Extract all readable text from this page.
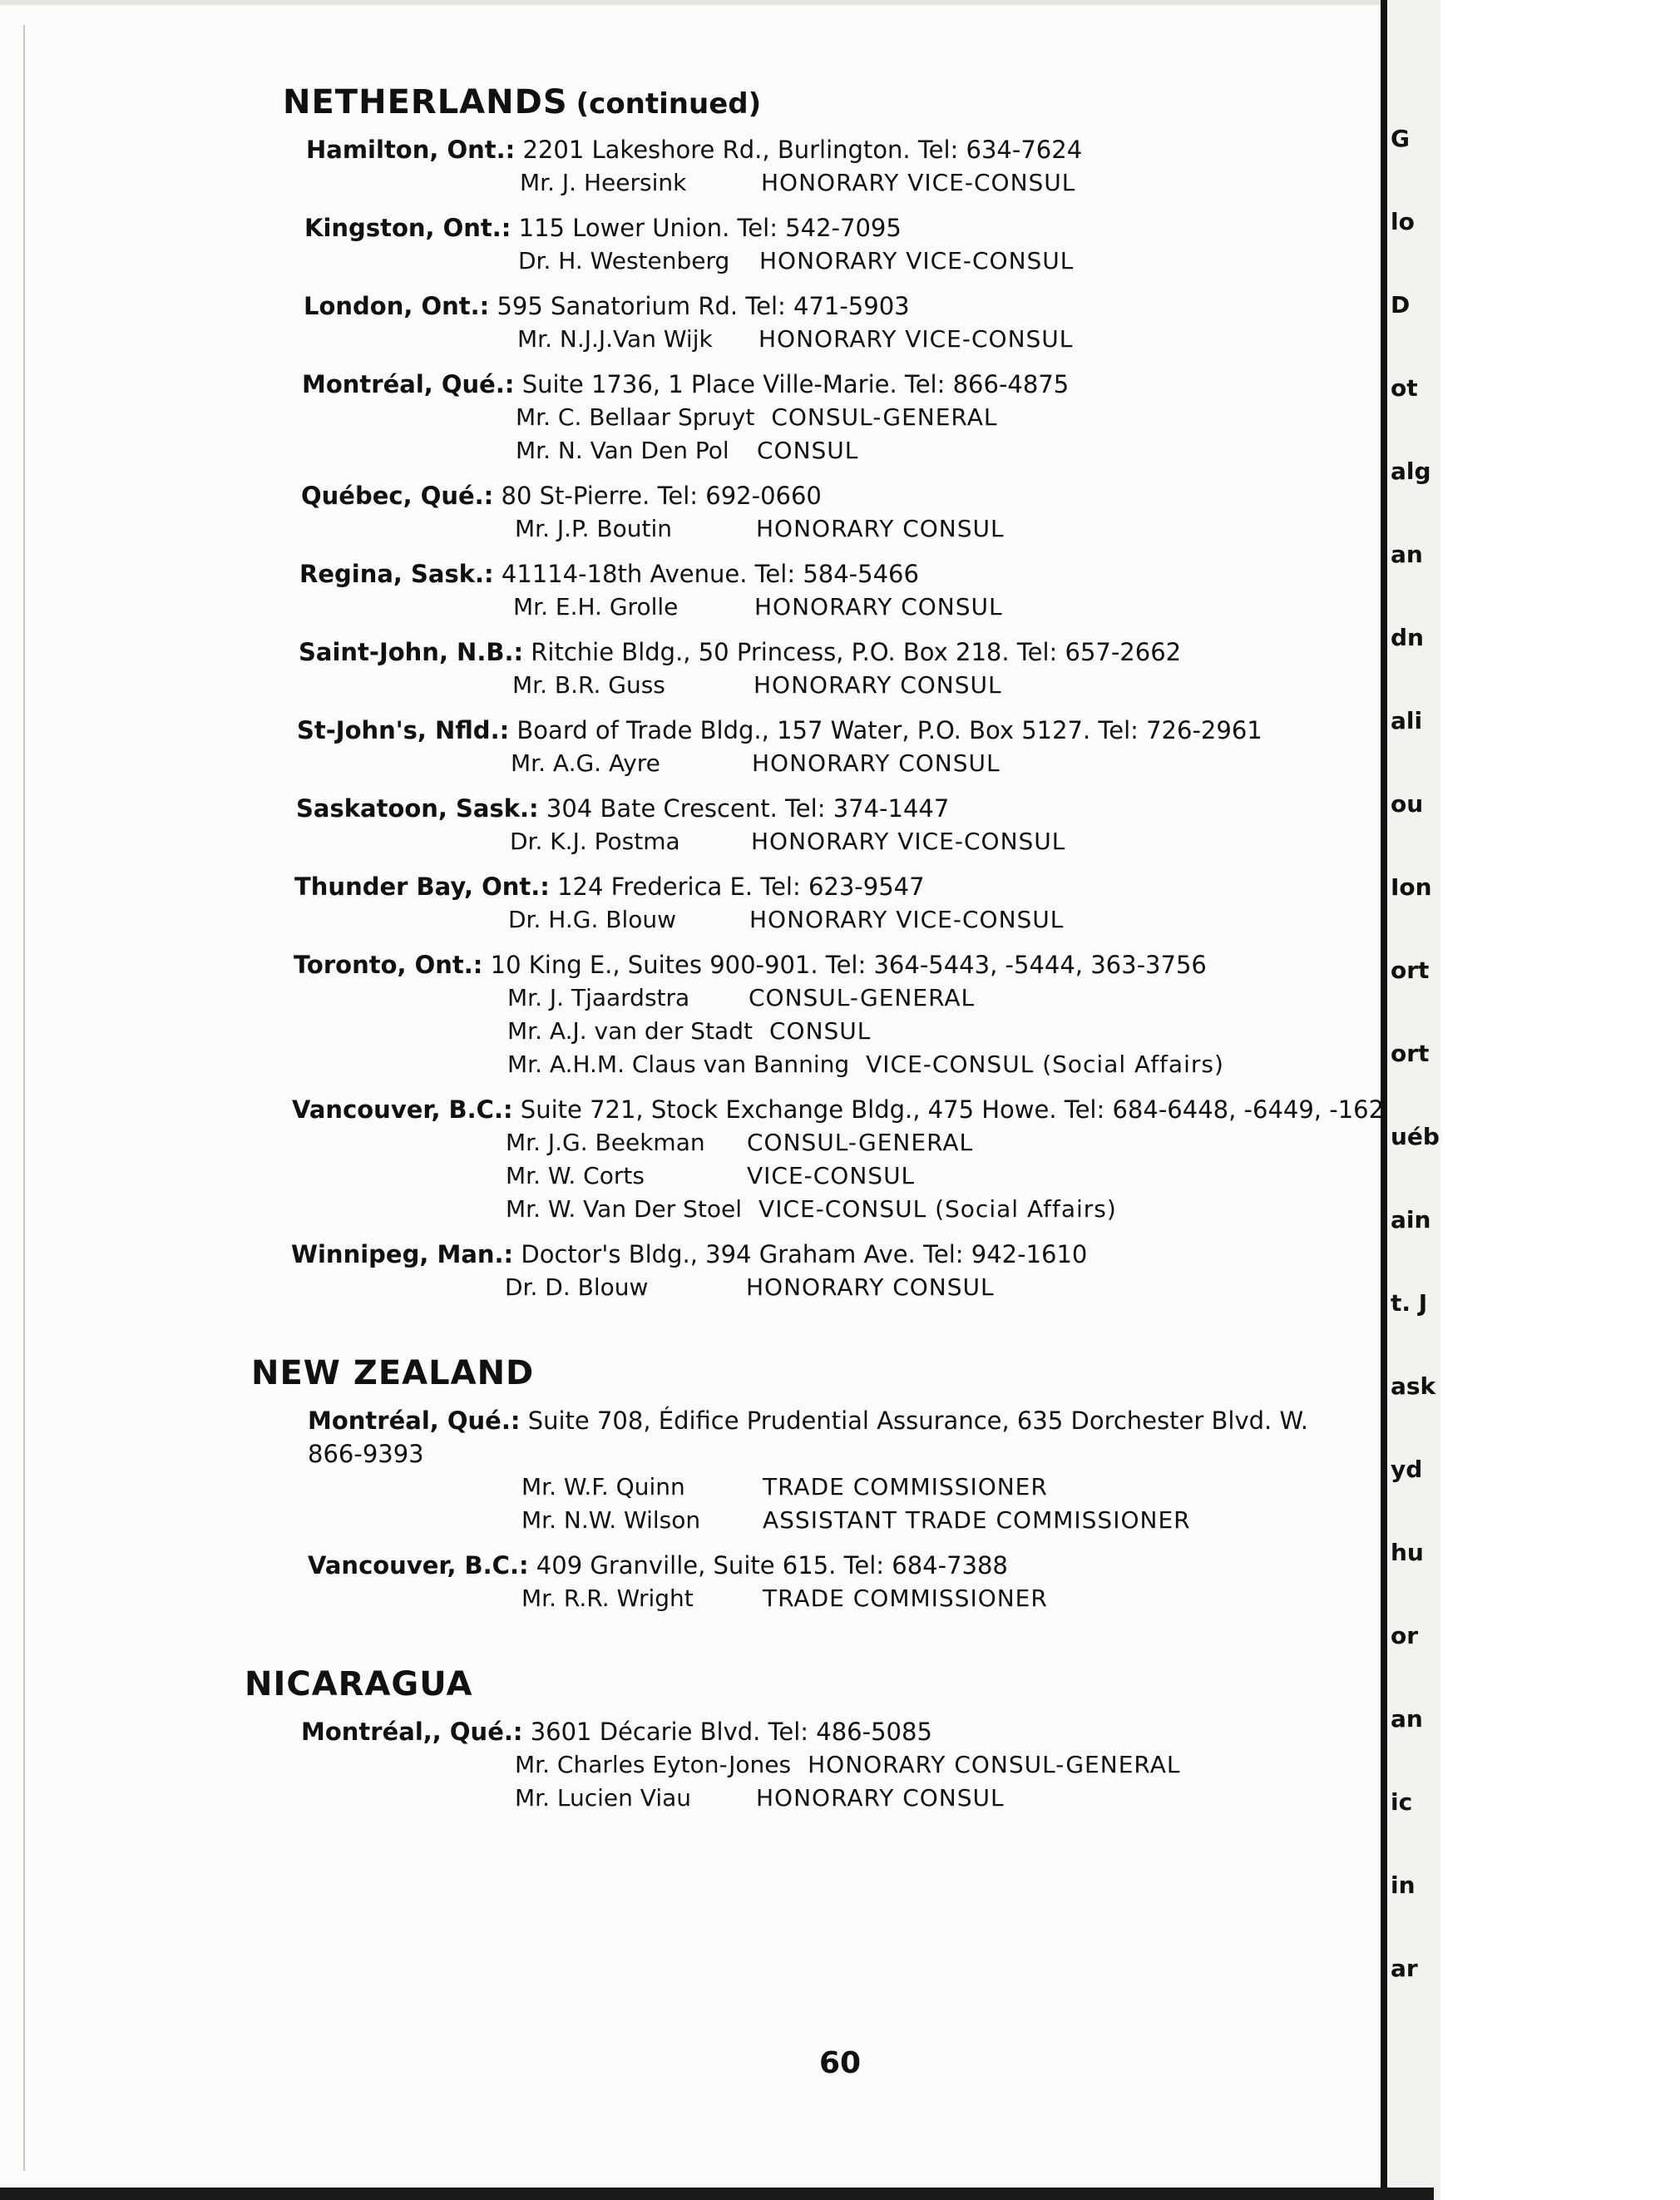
G
lo
D
ot
alg
an
dn
ali
ou
Ion
ort
ort
uéb
ain
t. J
ask
yd
hu
or
an
ic
in
ar
NETHERLANDS (continued)
Hamilton, Ont.: 2201 Lakeshore Rd., Burlington. Tel: 634-7624
Mr. J. Heersink	HONORARY VICE-CONSUL
Kingston, Ont.: 115 Lower Union. Tel: 542-7095
Dr. H. Westenberg HONORARY VICE-CONSUL
London, Ont.: 595 Sanatorium Rd. Tel: 471-5903
Mr. N.J.J.Van Wijk HONORARY VICE-CONSUL
Montréal, Qué.: Suite 1736, 1 Place Ville-Marie. Tel: 866-4875
Mr. C. Bellaar Spruyt CONSUL-GENERAL
Mr. N. Van Den Pol CONSUL
Québec, Qué.: 80 St-Pierre. Tel: 692-0660
Mr. J.P. Boutin	HONORARY CONSUL
Regina, Sask.: 41114-18th Avenue. Tel: 584-5466
Mr. E.H. Grolle	HONORARY CONSUL
Saint-John, N.B.: Ritchie Bldg., 50 Princess, P.O. Box 218. Tel: 657-2662
Mr. B.R. Guss	HONORARY CONSUL
St-John's, Nfld.: Board of Trade Bldg., 157 Water, P.O. Box 5127. Tel: 726-2961
Mr. A.G. Ayre	HONORARY CONSUL
Saskatoon, Sask.: 304 Bate Crescent. Tel: 374-1447
Dr. K.J. Postma	HONORARY VICE-CONSUL
Thunder Bay, Ont.: 124 Frederica E. Tel: 623-9547
Dr. H.G. Blouw	HONORARY VICE-CONSUL
Toronto, Ont.: 10 King E., Suites 900-901. Tel: 364-5443, -5444, 363-3756
Mr. J. Tjaardstra	CONSUL-GENERAL
Mr. A.J. van der Stadt CONSUL
Mr. A.H.M. Claus van Banning VICE-CONSUL (Social Affairs)
Vancouver, B.C.: Suite 721, Stock Exchange Bldg., 475 Howe. Tel: 684-6448, -6449, -162
Mr. J.G. Beekman CONSUL-GENERAL
Mr. W. Corts	VICE-CONSUL
Mr. W. Van Der Stoel VICE-CONSUL (Social Affairs)
Winnipeg, Man.: Doctor's Bldg., 394 Graham Ave. Tel: 942-1610
Dr. D. Blouw	HONORARY CONSUL
NEW ZEALAND
Montréal, Qué.: Suite 708, Édifice Prudential Assurance, 635 Dorchester Blvd. W. 866-9393
Mr. W.F. Quinn	TRADE COMMISSIONER
Mr. N.W. Wilson	ASSISTANT TRADE COMMISSIONER
Vancouver, B.C.: 409 Granville, Suite 615. Tel: 684-7388
Mr. R.R. Wright	TRADE COMMISSIONER
NICARAGUA
Montréal,, Qué.: 3601 Décarie Blvd. Tel: 486-5085
Mr. Charles Eyton-Jones HONORARY CONSUL-GENERAL
Mr. Lucien Viau	HONORARY CONSUL
60
